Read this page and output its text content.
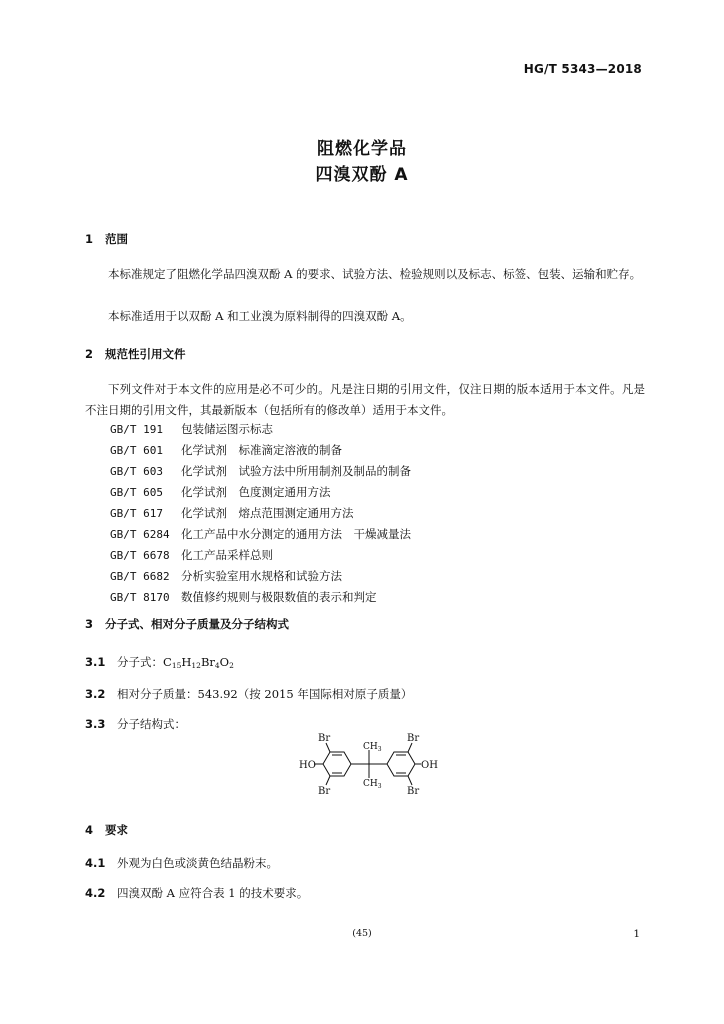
HG/T 5343—2018
阻燃化学品
四溴双酚 A
1 范围
本标准规定了阻燃化学品四溴双酚 A 的要求、试验方法、检验规则以及标志、标签、包装、运输和贮存。
本标准适用于以双酚 A 和工业溴为原料制得的四溴双酚 A。
2 规范性引用文件
下列文件对于本文件的应用是必不可少的。凡是注日期的引用文件，仅注日期的版本适用于本文件。凡是不注日期的引用文件，其最新版本（包括所有的修改单）适用于本文件。
GB/T 191 包装储运图示标志
GB/T 601 化学试剂　标准滴定溶液的制备
GB/T 603 化学试剂　试验方法中所用制剂及制品的制备
GB/T 605 化学试剂　色度测定通用方法
GB/T 617 化学试剂　熔点范围测定通用方法
GB/T 6284 化工产品中水分测定的通用方法　干燥减量法
GB/T 6678 化工产品采样总则
GB/T 6682 分析实验室用水规格和试验方法
GB/T 8170 数值修约规则与极限数值的表示和判定
3 分子式、相对分子质量及分子结构式
3.1 分子式：$C_{15}H_{12}Br_4O_2$
3.2 相对分子质量：543.92（按 2015 年国际相对原子质量）
3.3 分子结构式：
Br
Br
Br
Br
HO	OH
$CH_3$
$CH_3$
4 要求
4.1 外观为白色或淡黄色结晶粉末。
4.2 四溴双酚 A 应符合表 1 的技术要求。
(45)	1
